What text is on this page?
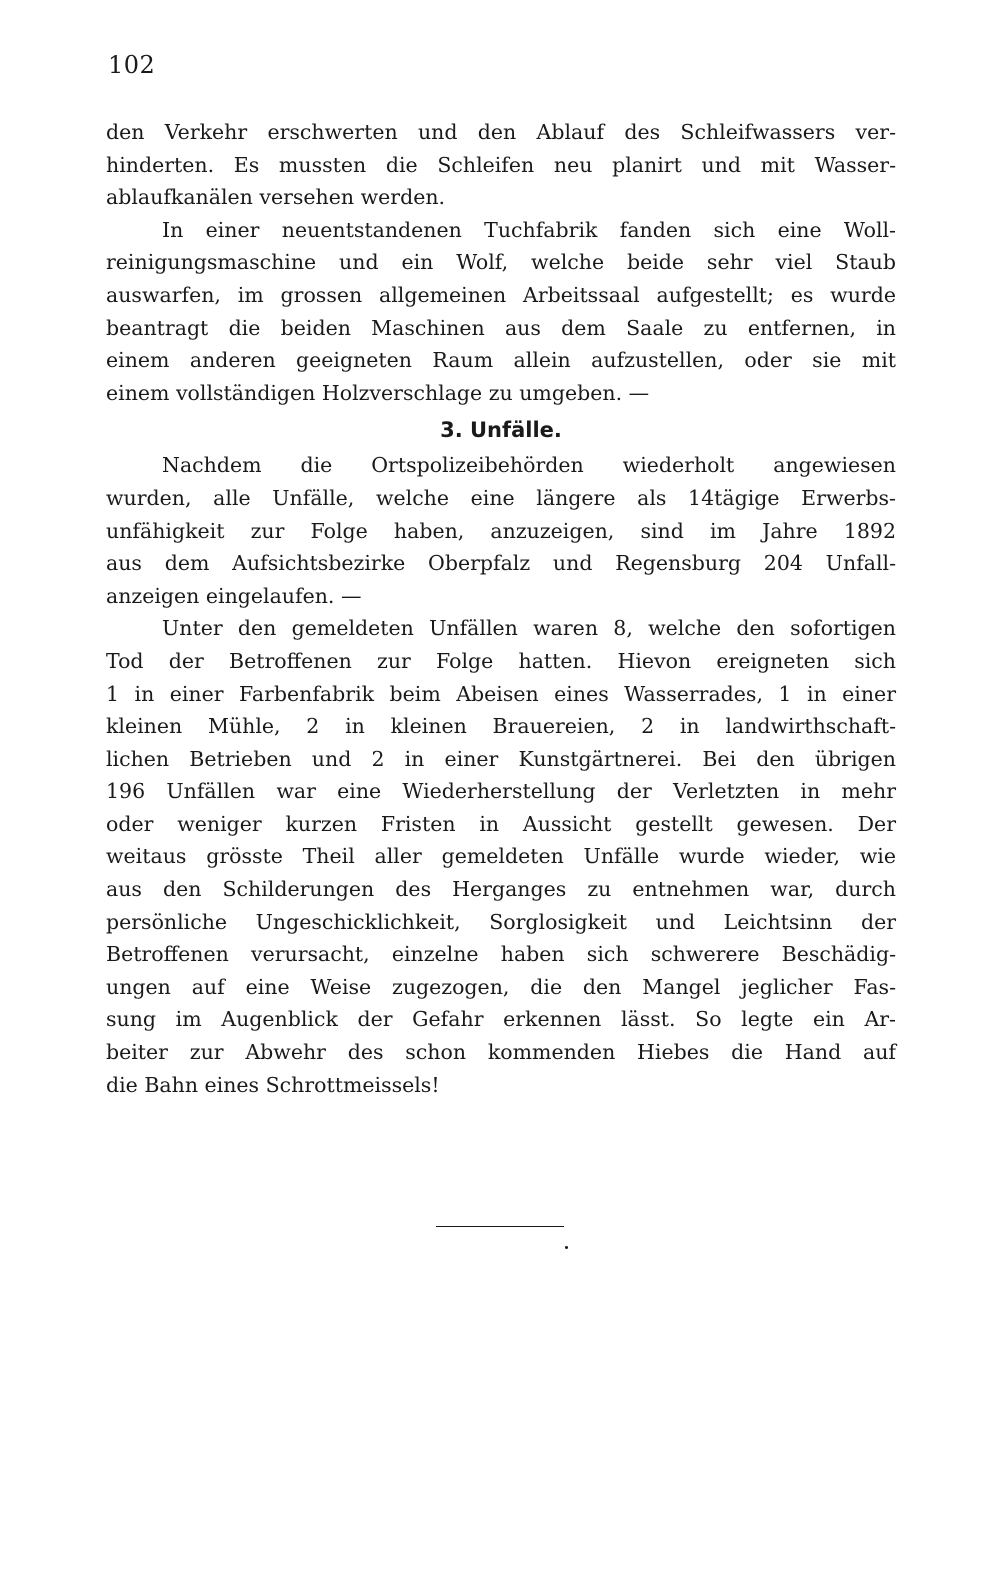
102
den Verkehr erschwerten und den Ablauf des Schleifwassers ver-
hinderten. Es mussten die Schleifen neu planirt und mit Wasser-
ablaufkanälen versehen werden.
In einer neuentstandenen Tuchfabrik fanden sich eine Woll-
reinigungsmaschine und ein Wolf, welche beide sehr viel Staub
auswarfen, im grossen allgemeinen Arbeitssaal aufgestellt; es wurde
beantragt die beiden Maschinen aus dem Saale zu entfernen, in
einem anderen geeigneten Raum allein aufzustellen, oder sie mit
einem vollständigen Holzverschlage zu umgeben. —
3. Unfälle.
Nachdem die Ortspolizeibehörden wiederholt angewiesen
wurden, alle Unfälle, welche eine längere als 14tägige Erwerbs-
unfähigkeit zur Folge haben, anzuzeigen, sind im Jahre 1892
aus dem Aufsichtsbezirke Oberpfalz und Regensburg 204 Unfall-
anzeigen eingelaufen. —
Unter den gemeldeten Unfällen waren 8, welche den sofortigen
Tod der Betroffenen zur Folge hatten. Hievon ereigneten sich
1 in einer Farbenfabrik beim Abeisen eines Wasserrades, 1 in einer
kleinen Mühle, 2 in kleinen Brauereien, 2 in landwirthschaft-
lichen Betrieben und 2 in einer Kunstgärtnerei. Bei den übrigen
196 Unfällen war eine Wiederherstellung der Verletzten in mehr
oder weniger kurzen Fristen in Aussicht gestellt gewesen. Der
weitaus grösste Theil aller gemeldeten Unfälle wurde wieder, wie
aus den Schilderungen des Herganges zu entnehmen war, durch
persönliche Ungeschicklichkeit, Sorglosigkeit und Leichtsinn der
Betroffenen verursacht, einzelne haben sich schwerere Beschädig-
ungen auf eine Weise zugezogen, die den Mangel jeglicher Fas-
sung im Augenblick der Gefahr erkennen lässt. So legte ein Ar-
beiter zur Abwehr des schon kommenden Hiebes die Hand auf
die Bahn eines Schrottmeissels!
